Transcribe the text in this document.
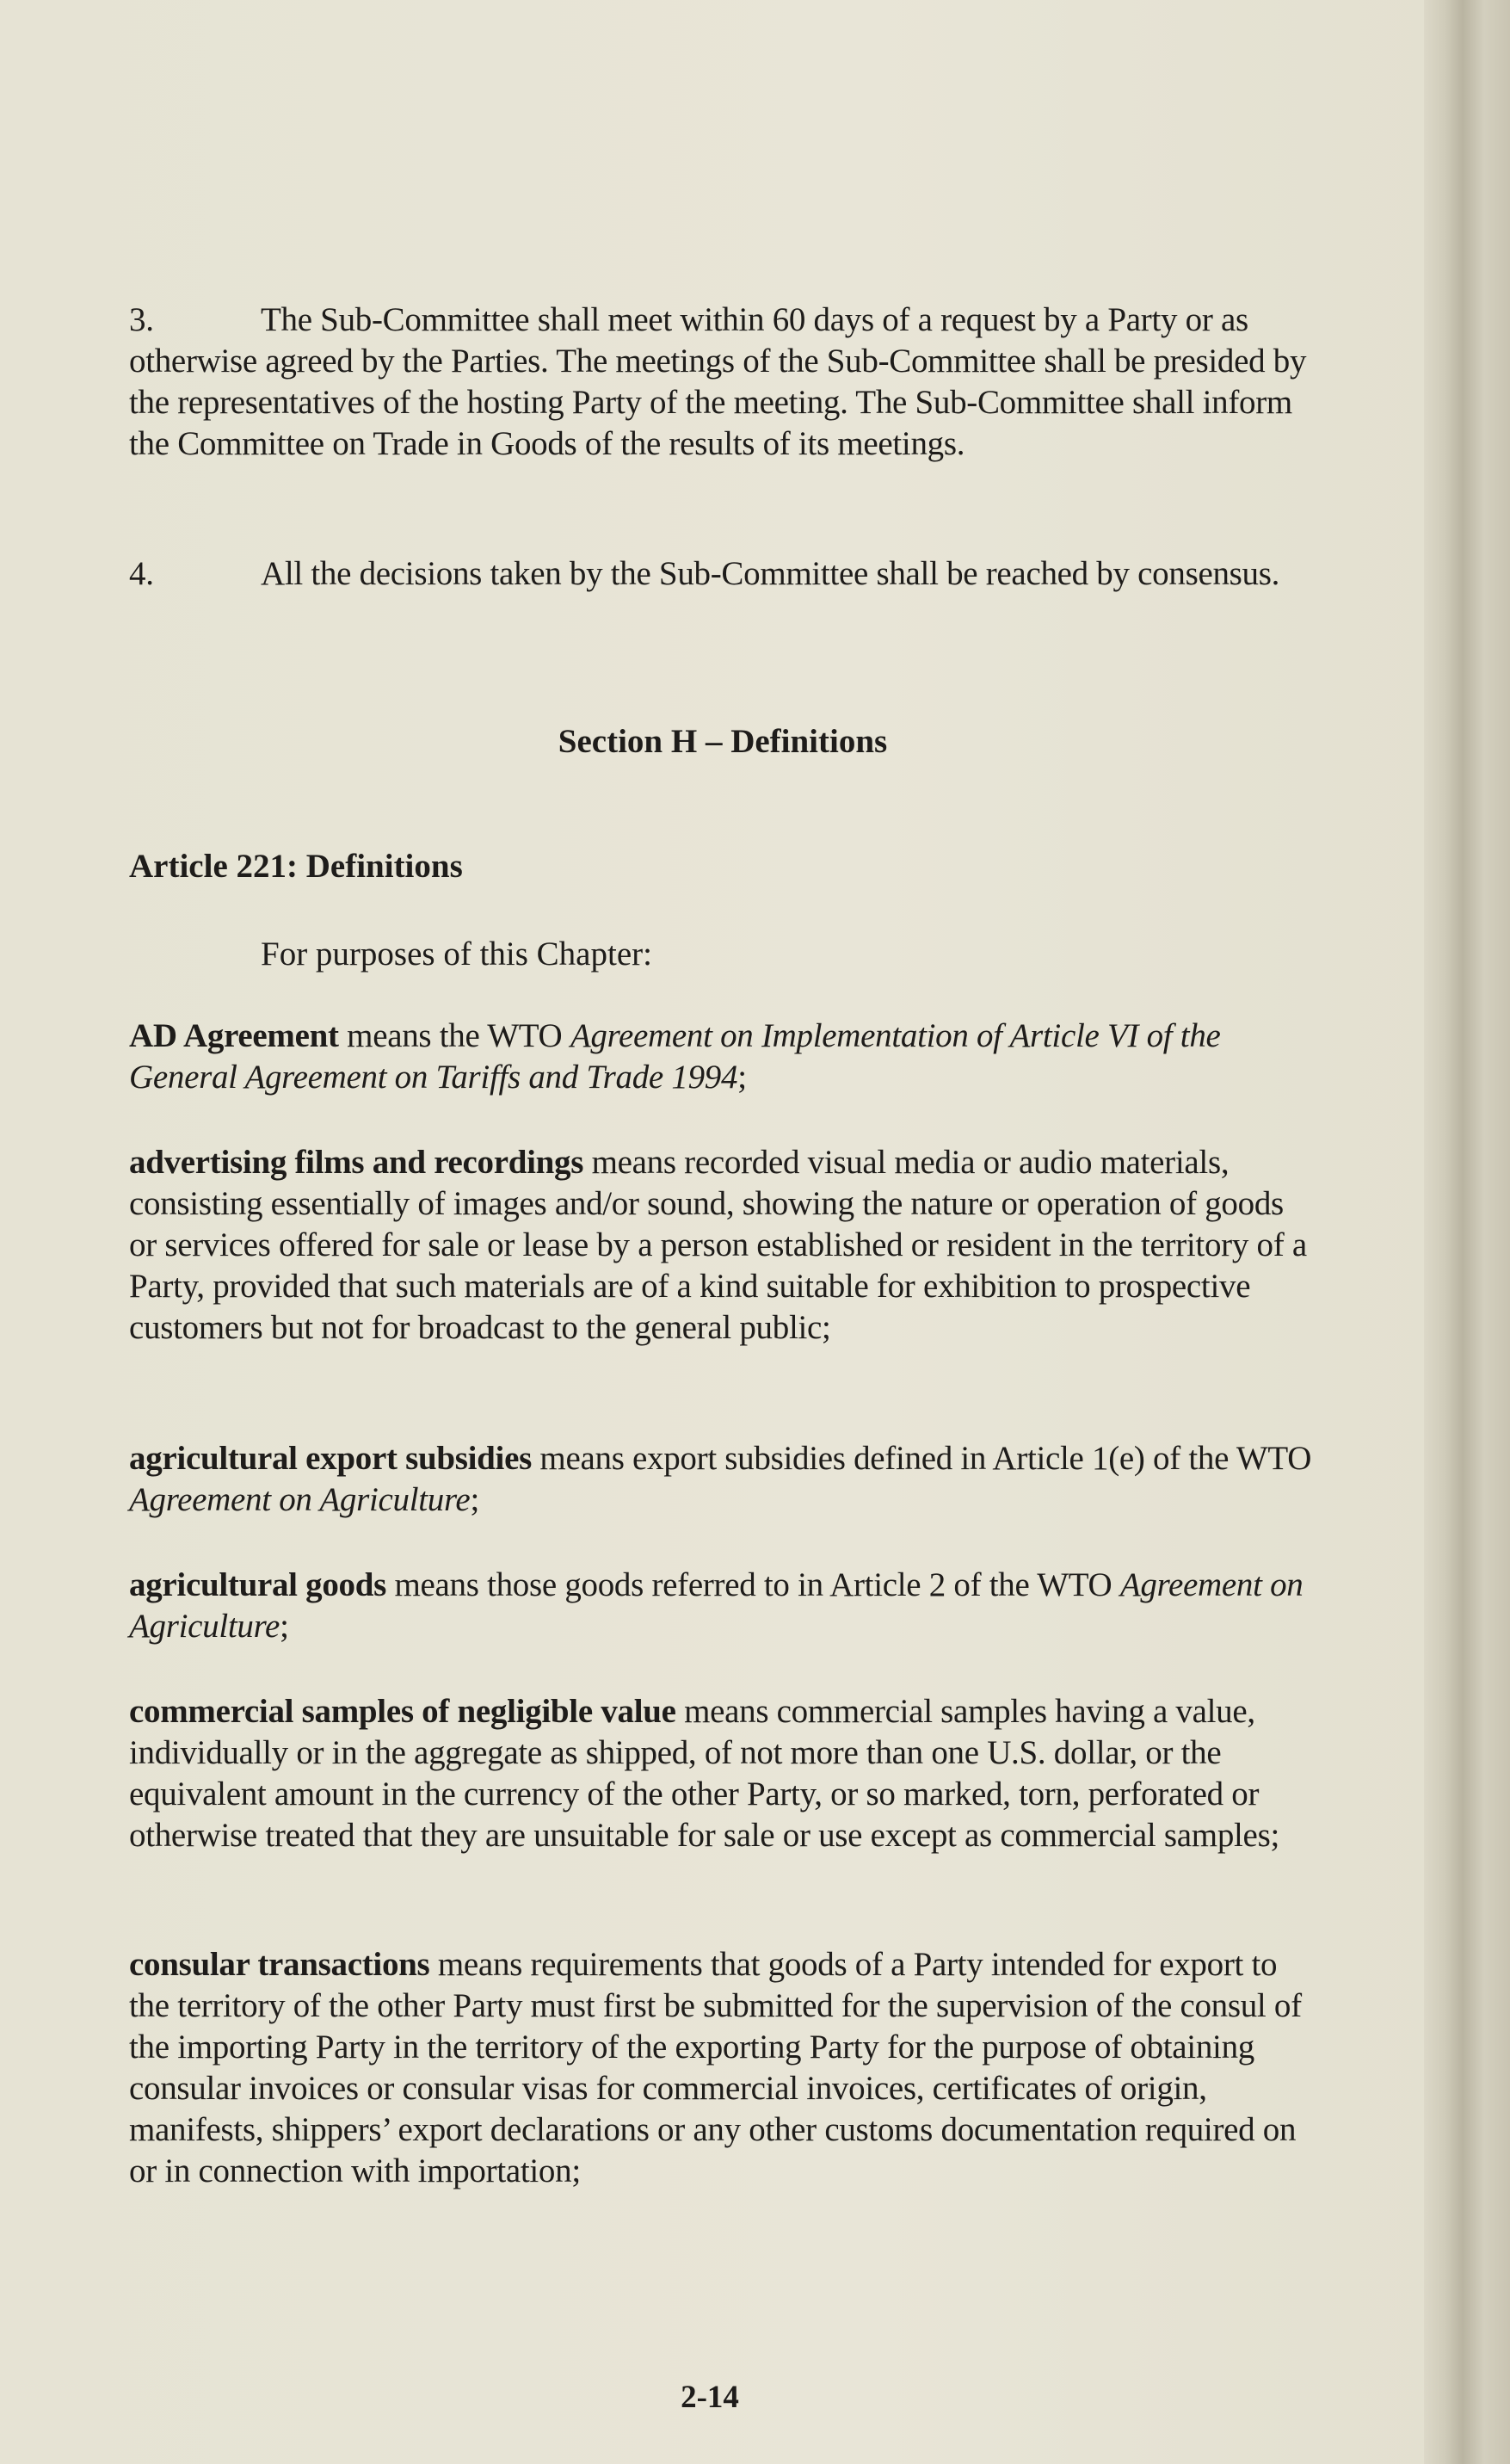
3.	The Sub-Committee shall meet within 60 days of a request by a Party or as otherwise agreed by the Parties. The meetings of the Sub-Committee shall be presided by the representatives of the hosting Party of the meeting. The Sub-Committee shall inform the Committee on Trade in Goods of the results of its meetings.
4.	All the decisions taken by the Sub-Committee shall be reached by consensus.
Section H – Definitions
Article 221: Definitions
For purposes of this Chapter:
AD Agreement means the WTO Agreement on Implementation of Article VI of the General Agreement on Tariffs and Trade 1994;
advertising films and recordings means recorded visual media or audio materials, consisting essentially of images and/or sound, showing the nature or operation of goods or services offered for sale or lease by a person established or resident in the territory of a Party, provided that such materials are of a kind suitable for exhibition to prospective customers but not for broadcast to the general public;
agricultural export subsidies means export subsidies defined in Article 1(e) of the WTO Agreement on Agriculture;
agricultural goods means those goods referred to in Article 2 of the WTO Agreement on Agriculture;
commercial samples of negligible value means commercial samples having a value, individually or in the aggregate as shipped, of not more than one U.S. dollar, or the equivalent amount in the currency of the other Party, or so marked, torn, perforated or otherwise treated that they are unsuitable for sale or use except as commercial samples;
consular transactions means requirements that goods of a Party intended for export to the territory of the other Party must first be submitted for the supervision of the consul of the importing Party in the territory of the exporting Party for the purpose of obtaining consular invoices or consular visas for commercial invoices, certificates of origin, manifests, shippers’ export declarations or any other customs documentation required on or in connection with importation;
2-14
